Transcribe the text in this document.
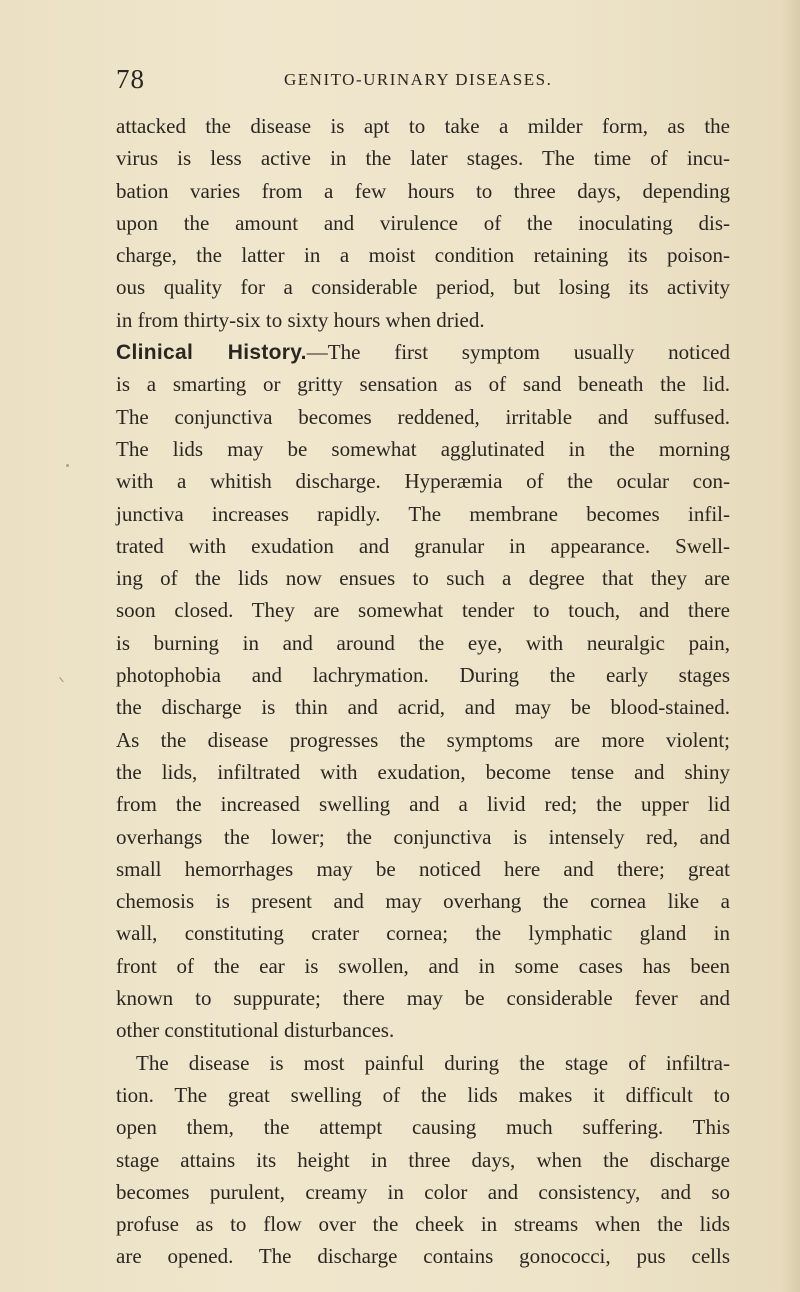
78	GENITO-URINARY DISEASES.
attacked the disease is apt to take a milder form, as the
virus is less active in the later stages. The time of incu-
bation varies from a few hours to three days, depending
upon the amount and virulence of the inoculating dis-
charge, the latter in a moist condition retaining its poison-
ous quality for a considerable period, but losing its activity
in from thirty-six to sixty hours when dried.
Clinical History.—The first symptom usually noticed
is a smarting or gritty sensation as of sand beneath the lid.
The conjunctiva becomes reddened, irritable and suffused.
The lids may be somewhat agglutinated in the morning
with a whitish discharge. Hyperæmia of the ocular con-
junctiva increases rapidly. The membrane becomes infil-
trated with exudation and granular in appearance. Swell-
ing of the lids now ensues to such a degree that they are
soon closed. They are somewhat tender to touch, and there
is burning in and around the eye, with neuralgic pain,
photophobia and lachrymation. During the early stages
the discharge is thin and acrid, and may be blood-stained.
As the disease progresses the symptoms are more violent;
the lids, infiltrated with exudation, become tense and shiny
from the increased swelling and a livid red; the upper lid
overhangs the lower; the conjunctiva is intensely red, and
small hemorrhages may be noticed here and there; great
chemosis is present and may overhang the cornea like a
wall, constituting crater cornea; the lymphatic gland in
front of the ear is swollen, and in some cases has been
known to suppurate; there may be considerable fever and
other constitutional disturbances.
The disease is most painful during the stage of infiltra-
tion. The great swelling of the lids makes it difficult to
open them, the attempt causing much suffering. This
stage attains its height in three days, when the discharge
becomes purulent, creamy in color and consistency, and so
profuse as to flow over the cheek in streams when the lids
are opened. The discharge contains gonococci, pus cells
